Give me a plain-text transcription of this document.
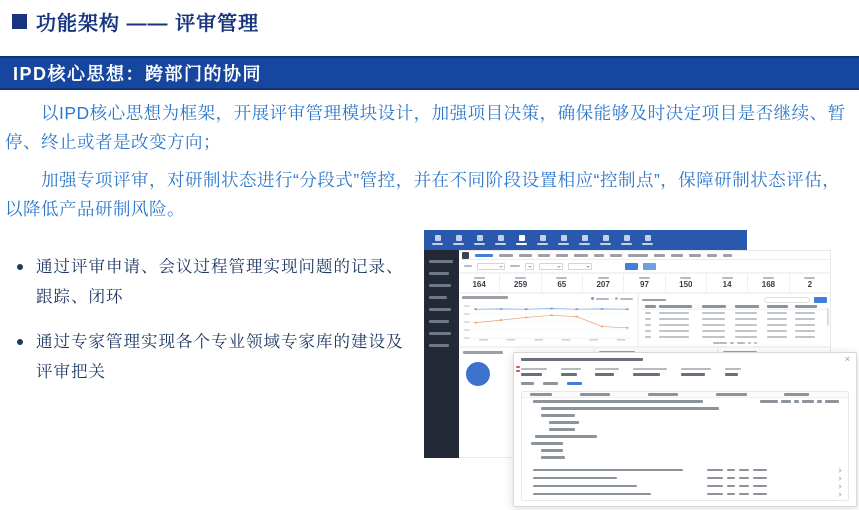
功能架构 —— 评审管理
IPD核心思想：跨部门的协同

以IPD核心思想为框架，开展评审管理模块设计，加强项目决策，确保能够及时决定项目是否继续、暂停、终止或者是改变方向；

加强专项评审，对研制状态进行“分段式”管控，并在不同阶段设置相应“控制点”，保障研制状态评估，以降低产品研制风险。

通过评审申请、会议过程管理实现问题的记录、跟踪、闭环
通过专家管理实现各个专业领域专家库的建设及评审把关
164	259	65	207	97	150	14	168	2
×
